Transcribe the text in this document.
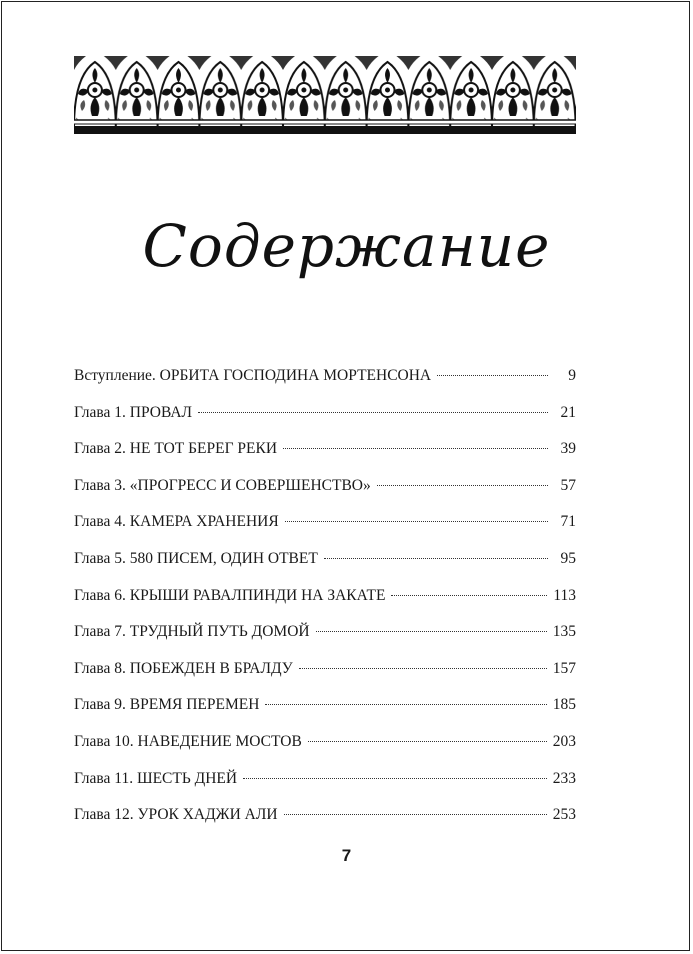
Содержание
Вступление. ОРБИТА ГОСПОДИНА МОРТЕНСОНА	9
Глава 1. ПРОВАЛ	21
Глава 2. НЕ ТОТ БЕРЕГ РЕКИ	39
Глава 3. «ПРОГРЕСС И СОВЕРШЕНСТВО»	57
Глава 4. КАМЕРА ХРАНЕНИЯ	71
Глава 5. 580 ПИСЕМ, ОДИН ОТВЕТ	95
Глава 6. КРЫШИ РАВАЛПИНДИ НА ЗАКАТЕ	113
Глава 7. ТРУДНЫЙ ПУТЬ ДОМОЙ	135
Глава 8. ПОБЕЖДЕН В БРАЛДУ	157
Глава 9. ВРЕМЯ ПЕРЕМЕН	185
Глава 10. НАВЕДЕНИЕ МОСТОВ	203
Глава 11. ШЕСТЬ ДНЕЙ	233
Глава 12. УРОК ХАДЖИ АЛИ	253
7
